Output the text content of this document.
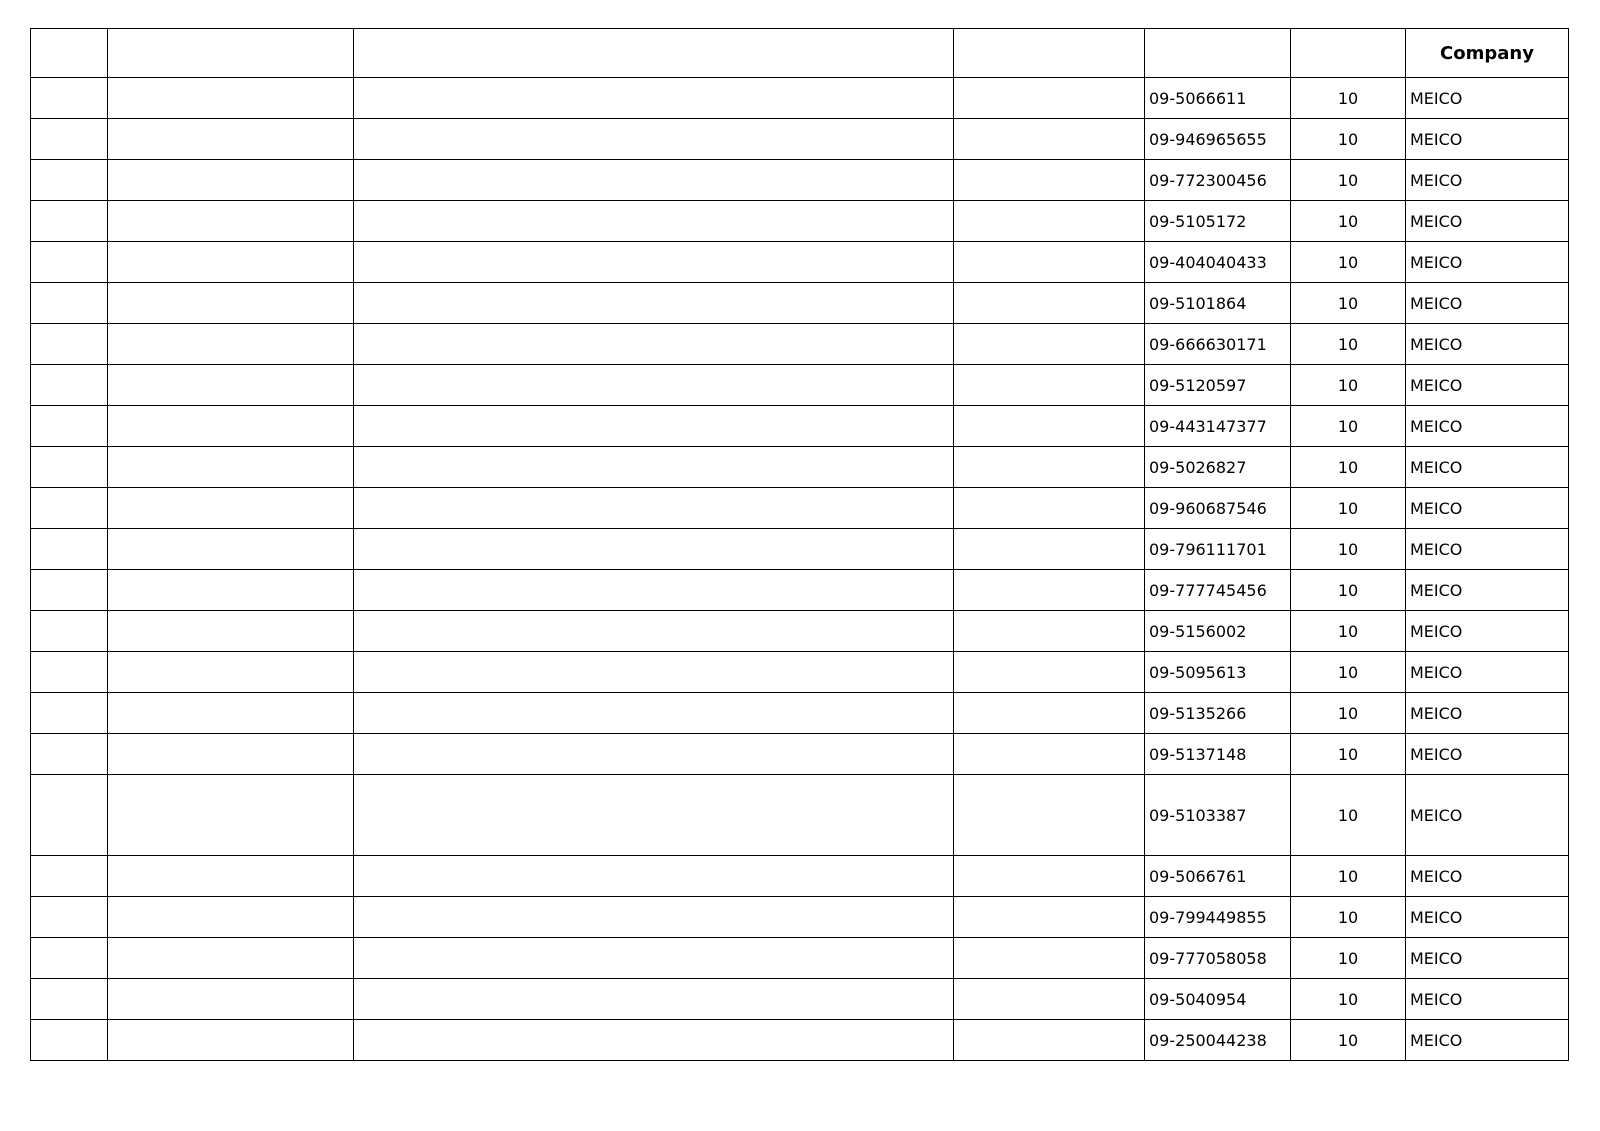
						Company
				09-5066611	10	MEICO
				09-946965655	10	MEICO
				09-772300456	10	MEICO
				09-5105172	10	MEICO
				09-404040433	10	MEICO
				09-5101864	10	MEICO
				09-666630171	10	MEICO
				09-5120597	10	MEICO
				09-443147377	10	MEICO
				09-5026827	10	MEICO
				09-960687546	10	MEICO
				09-796111701	10	MEICO
				09-777745456	10	MEICO
				09-5156002	10	MEICO
				09-5095613	10	MEICO
				09-5135266	10	MEICO
				09-5137148	10	MEICO
				09-5103387	10	MEICO
				09-5066761	10	MEICO
				09-799449855	10	MEICO
				09-777058058	10	MEICO
				09-5040954	10	MEICO
				09-250044238	10	MEICO
